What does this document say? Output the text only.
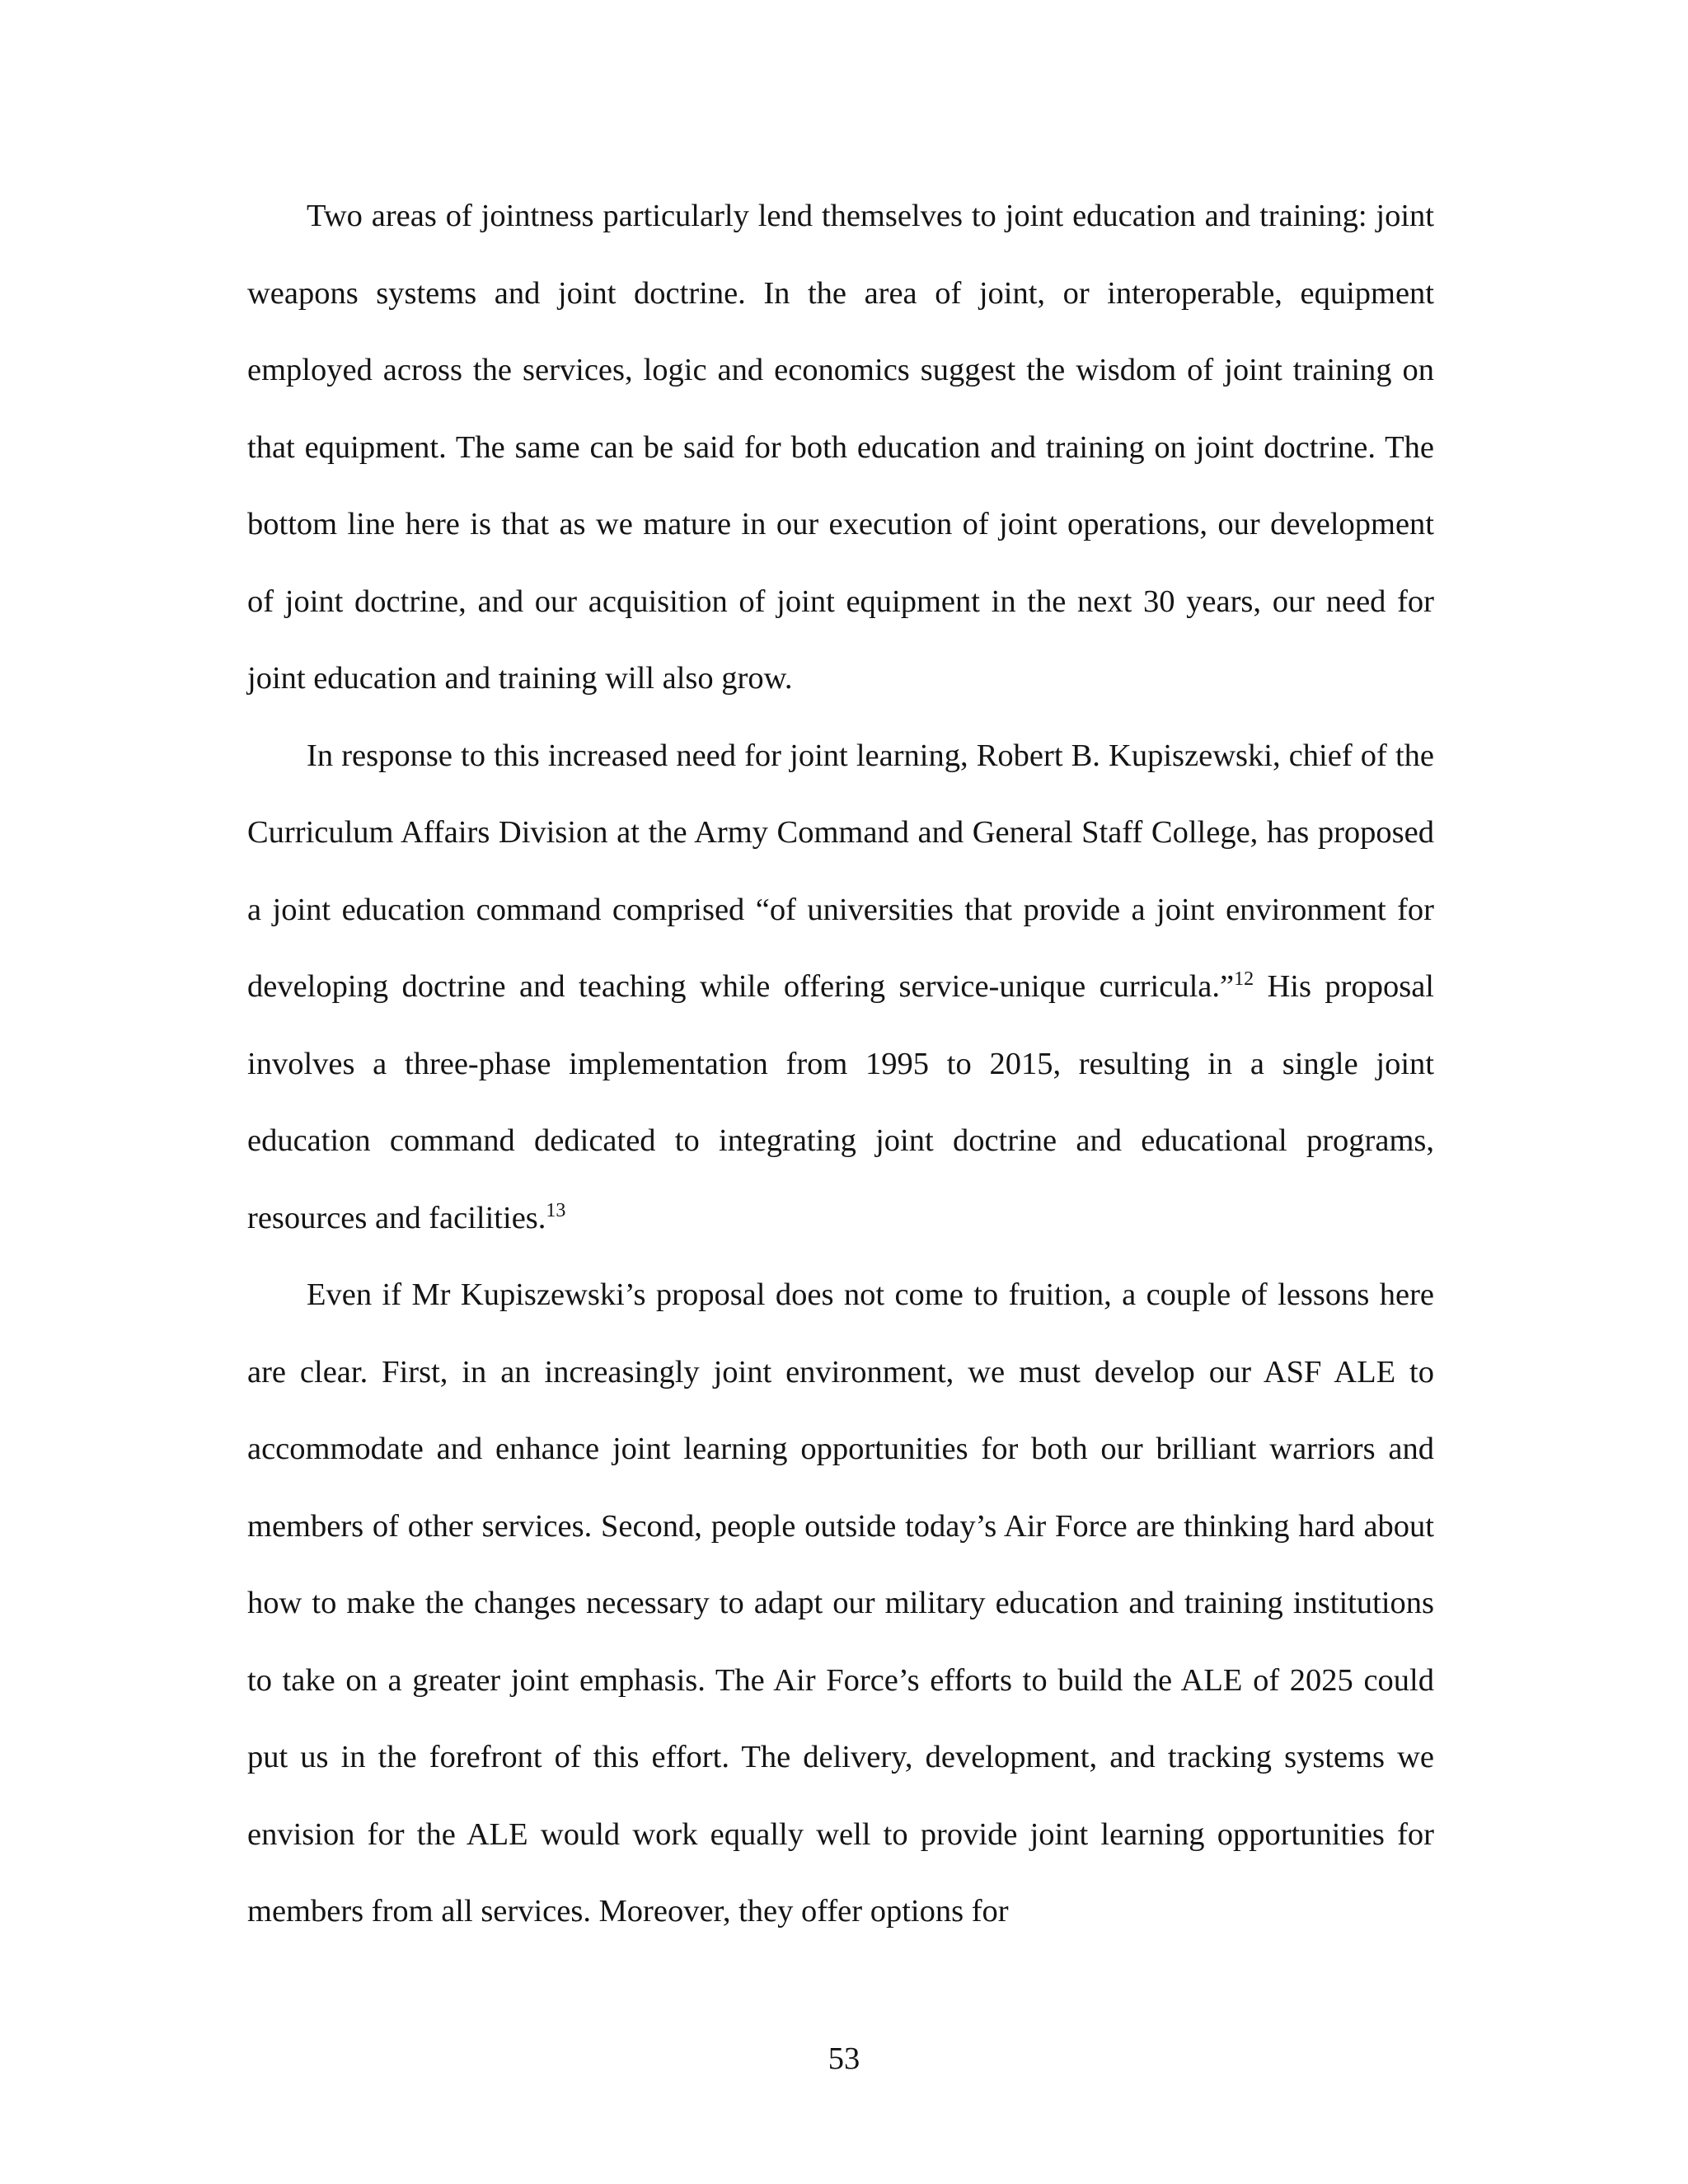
Two areas of jointness particularly lend themselves to joint education and training: joint weapons systems and joint doctrine. In the area of joint, or interoperable, equipment employed across the services, logic and economics suggest the wisdom of joint training on that equipment. The same can be said for both education and training on joint doctrine. The bottom line here is that as we mature in our execution of joint operations, our development of joint doctrine, and our acquisition of joint equipment in the next 30 years, our need for joint education and training will also grow.

In response to this increased need for joint learning, Robert B. Kupiszewski, chief of the Curriculum Affairs Division at the Army Command and General Staff College, has proposed a joint education command comprised “of universities that provide a joint environment for developing doctrine and teaching while offering service-unique curricula.”$^{12}$ His proposal involves a three-phase implementation from 1995 to 2015, resulting in a single joint education command dedicated to integrating joint doctrine and educational programs, resources and facilities.$^{13}$

Even if Mr Kupiszewski’s proposal does not come to fruition, a couple of lessons here are clear. First, in an increasingly joint environment, we must develop our ASF ALE to accommodate and enhance joint learning opportunities for both our brilliant warriors and members of other services. Second, people outside today’s Air Force are thinking hard about how to make the changes necessary to adapt our military education and training institutions to take on a greater joint emphasis. The Air Force’s efforts to build the ALE of 2025 could put us in the forefront of this effort. The delivery, development, and tracking systems we envision for the ALE would work equally well to provide joint learning opportunities for members from all services. Moreover, they offer options for

53
